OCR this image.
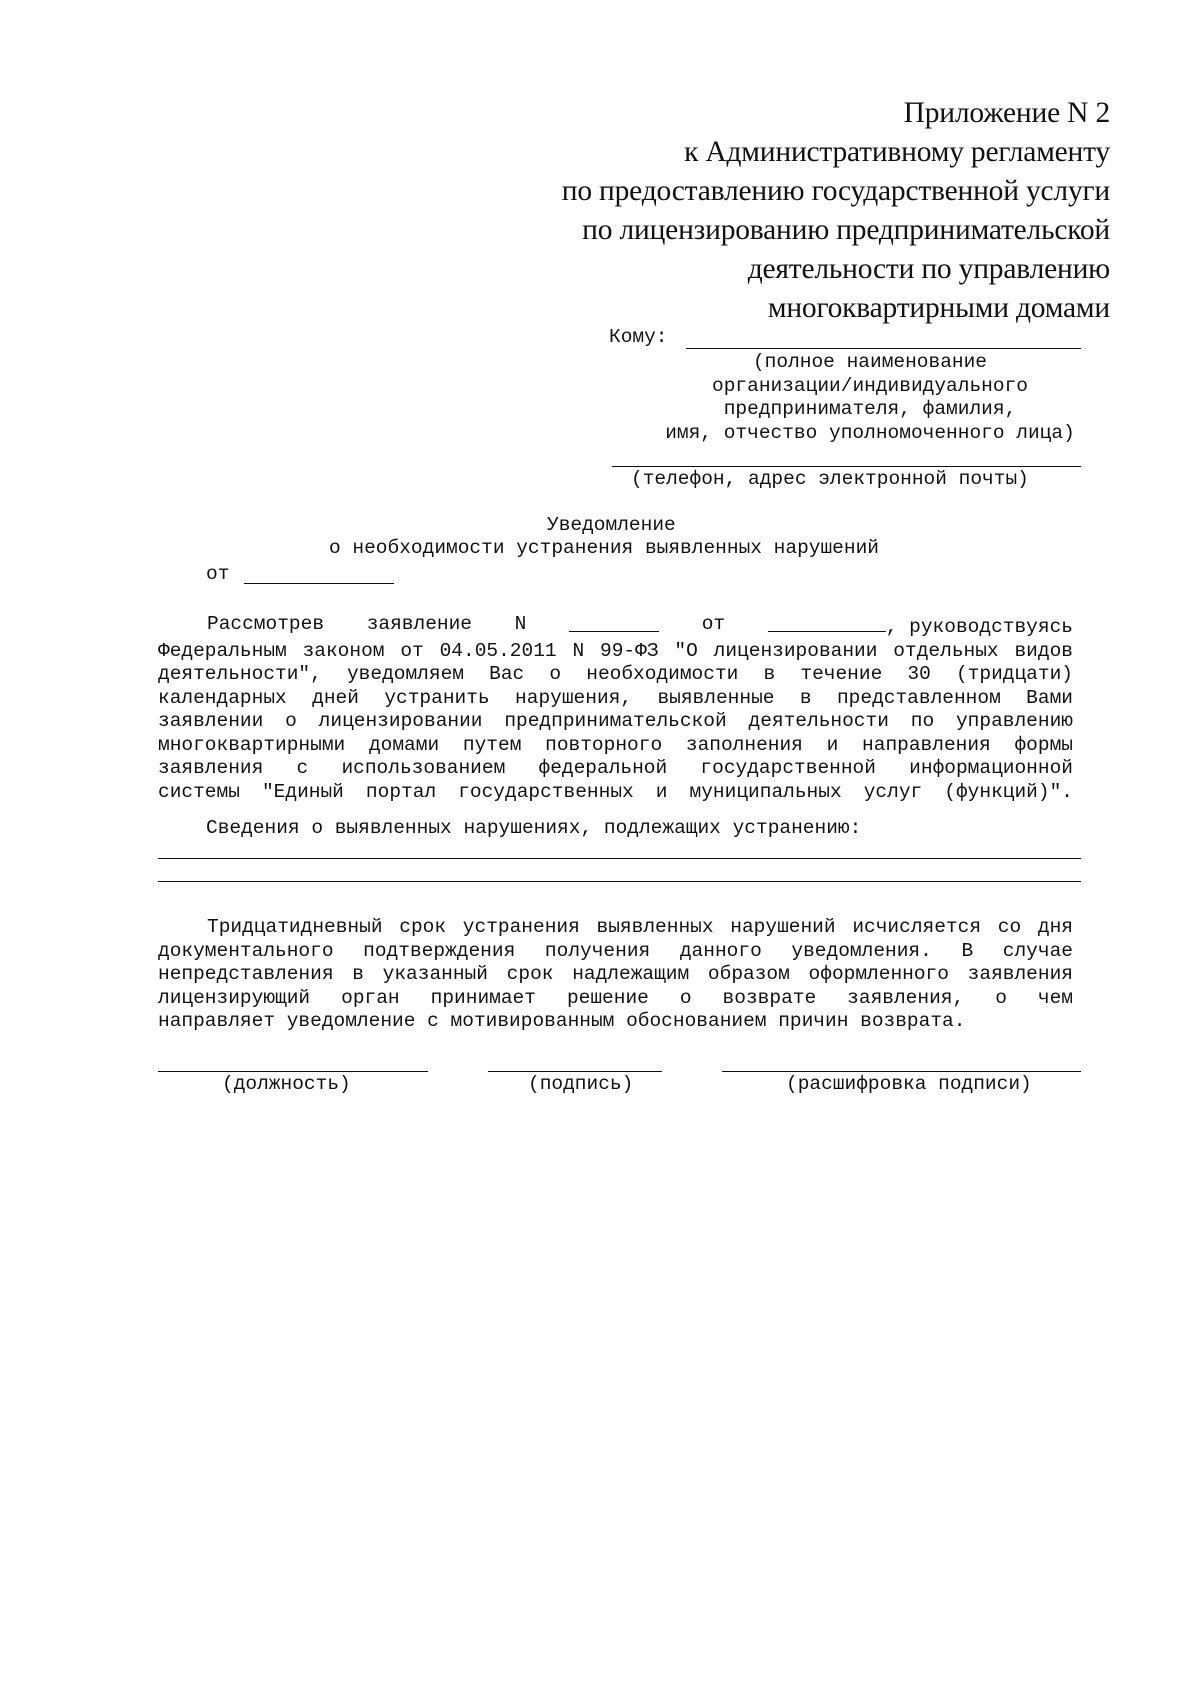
Приложение N 2
к Административному регламенту
по предоставлению государственной услуги
по лицензированию предпринимательской
деятельности по управлению
многоквартирными домами
Кому:
(полное наименование
организации/индивидуального
предпринимателя, фамилия,
имя, отчество уполномоченного лица)
(телефон, адрес электронной почты)
Уведомление
о необходимости устранения выявленных нарушений
от
Рассмотрев заявление N	от	, руководствуясь
Федеральным законом от 04.05.2011 N 99-ФЗ "О лицензировании отдельных видов
деятельности", уведомляем Вас о необходимости в течение 30 (тридцати)
календарных дней устранить нарушения, выявленные в представленном Вами
заявлении о лицензировании предпринимательской деятельности по управлению
многоквартирными домами путем повторного заполнения и направления формы
заявления с использованием федеральной государственной информационной
системы "Единый портал государственных и муниципальных услуг (функций)".
Сведения о выявленных нарушениях, подлежащих устранению:
Тридцатидневный срок устранения выявленных нарушений исчисляется со дня
документального подтверждения получения данного уведомления. В случае
непредставления в указанный срок надлежащим образом оформленного заявления
лицензирующий орган принимает решение о возврате заявления, о чем
направляет уведомление с мотивированным обоснованием причин возврата.
(должность)	(подпись)	(расшифровка подписи)
